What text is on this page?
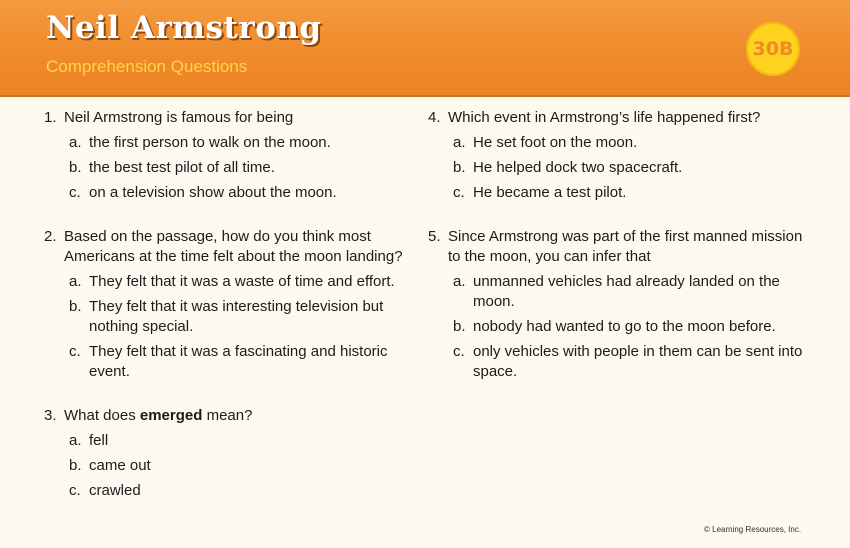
Neil Armstrong
Comprehension Questions
30B
1. Neil Armstrong is famous for being
a. the first person to walk on the moon.
b. the best test pilot of all time.
c. on a television show about the moon.
2. Based on the passage, how do you think most Americans at the time felt about the moon landing?
a. They felt that it was a waste of time and effort.
b. They felt that it was interesting television but nothing special.
c. They felt that it was a fascinating and historic event.
3. What does emerged mean?
a. fell
b. came out
c. crawled
4. Which event in Armstrong’s life happened first?
a. He set foot on the moon.
b. He helped dock two spacecraft.
c. He became a test pilot.
5. Since Armstrong was part of the first manned mission to the moon, you can infer that
a. unmanned vehicles had already landed on the moon.
b. nobody had wanted to go to the moon before.
c. only vehicles with people in them can be sent into space.
© Learning Resources, Inc.
